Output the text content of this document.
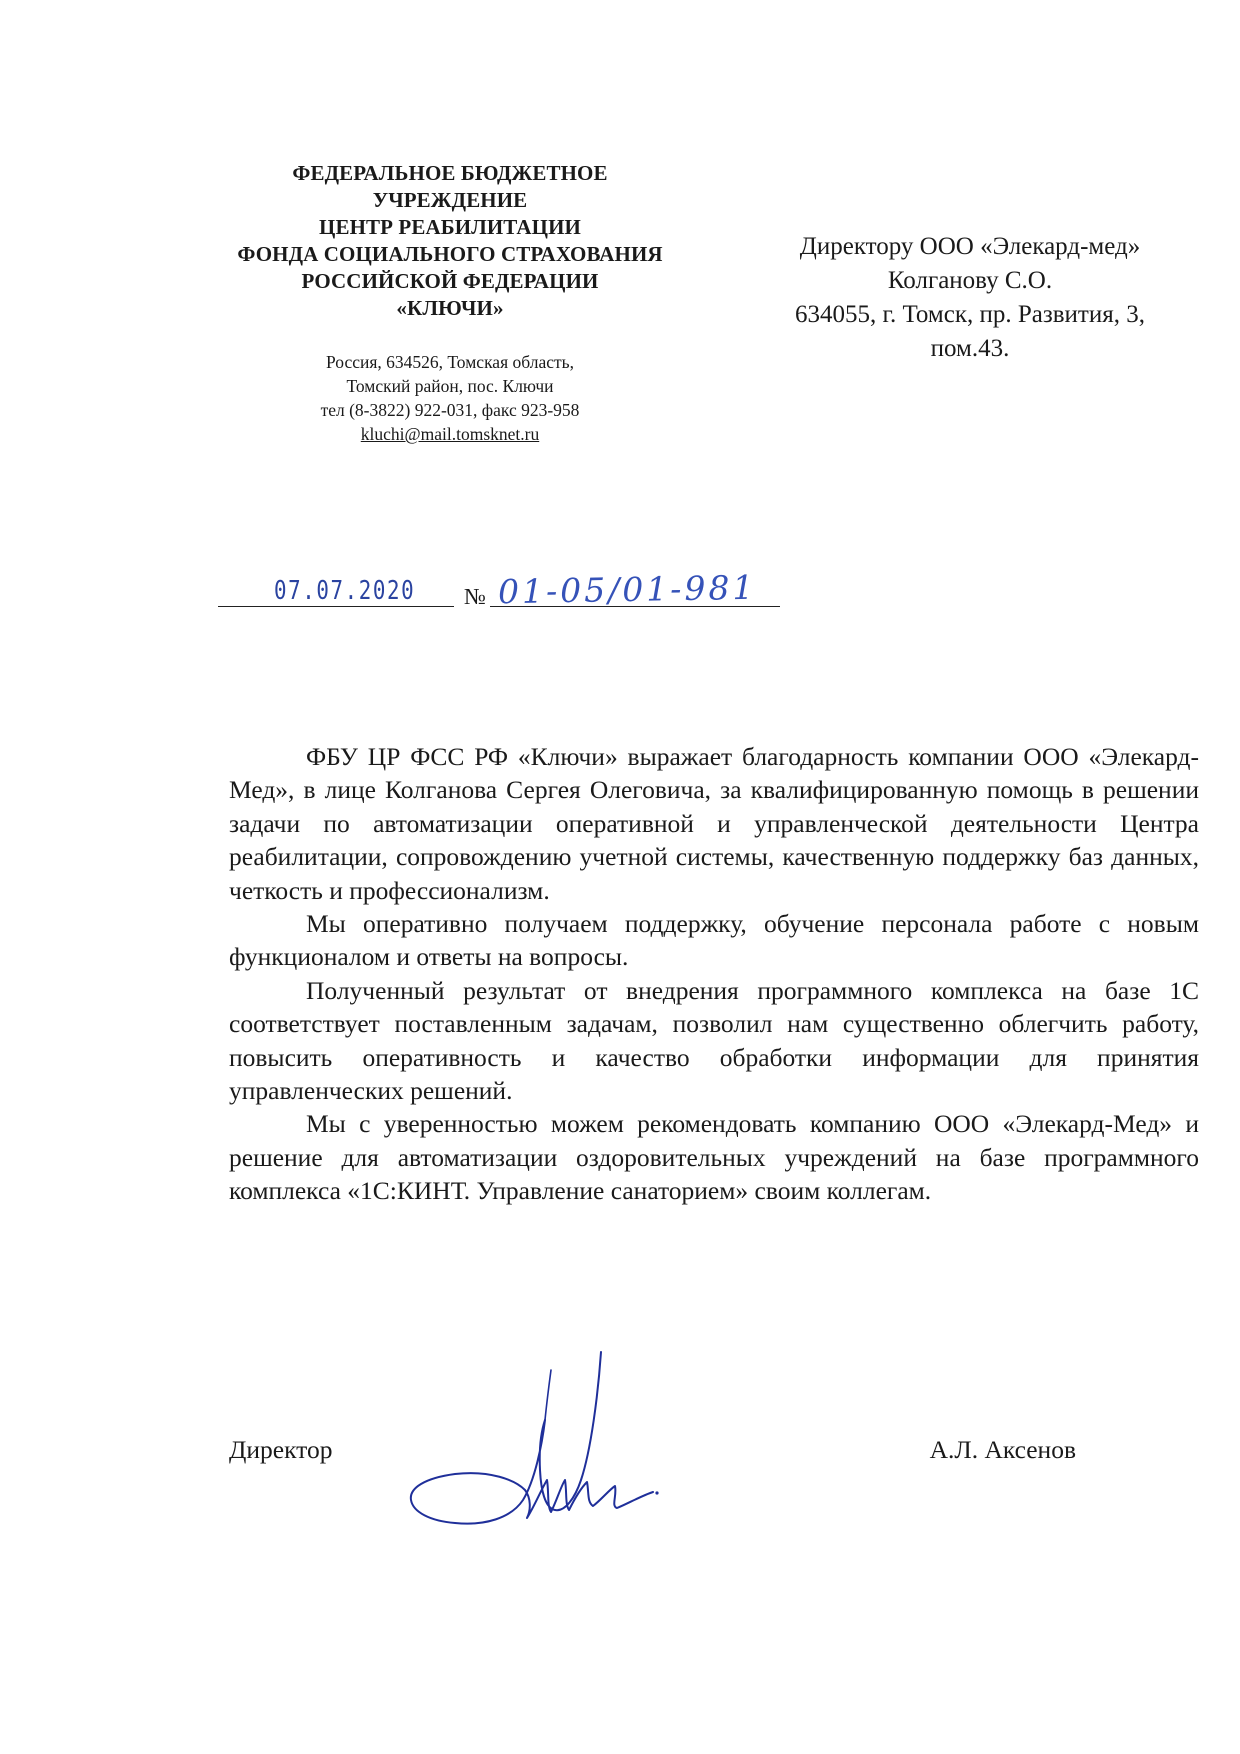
ФЕДЕРАЛЬНОЕ БЮДЖЕТНОЕ
УЧРЕЖДЕНИЕ
ЦЕНТР РЕАБИЛИТАЦИИ
ФОНДА СОЦИАЛЬНОГО СТРАХОВАНИЯ
РОССИЙСКОЙ ФЕДЕРАЦИИ
«КЛЮЧИ»
Россия, 634526, Томская область,
Томский район, пос. Ключи
тел (8-3822) 922-031, факс 923-958
kluchi@mail.tomsknet.ru
Директору ООО «Элекард-мед»
Колганову С.О.
634055, г. Томск, пр. Развития, 3,
пом.43.
07.07.2020 № 01-05/01-981

ФБУ ЦР ФСС РФ «Ключи» выражает благодарность компании ООО «Элекард-Мед», в лице Колганова Сергея Олеговича, за квалифицированную помощь в решении задачи по автоматизации оперативной и управленческой деятельности Центра реабилитации, сопровождению учетной системы, качественную поддержку баз данных, четкость и профессионализм.

Мы оперативно получаем поддержку, обучение персонала работе с новым функционалом и ответы на вопросы.

Полученный результат от внедрения программного комплекса на базе 1С соответствует поставленным задачам, позволил нам существенно облегчить работу, повысить оперативность и качество обработки информации для принятия управленческих решений.

Мы с уверенностью можем рекомендовать компанию ООО «Элекард-Мед» и решение для автоматизации оздоровительных учреждений на базе программного комплекса «1С:КИНТ. Управление санаторием» своим коллегам.

Директор	А.Л. Аксенов
